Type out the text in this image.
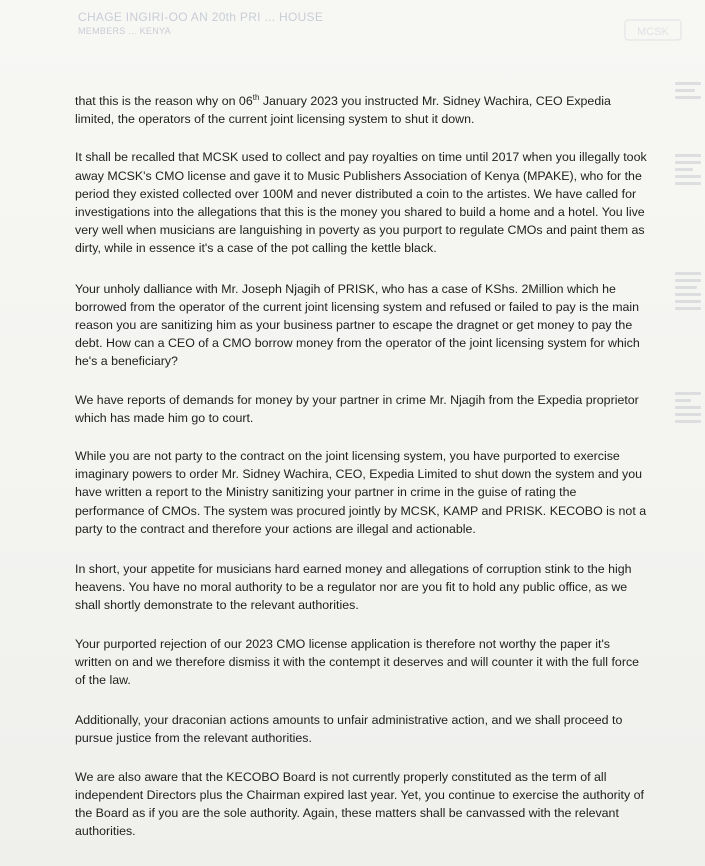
CHAGE INGIRI-OO AN 20th PRI ... HOUSE
MEMBERS ... KENYA	MCSK

that this is the reason why on 06th January 2023 you instructed Mr. Sidney Wachira, CEO Expedia limited, the operators of the current joint licensing system to shut it down.

It shall be recalled that MCSK used to collect and pay royalties on time until 2017 when you illegally took away MCSK's CMO license and gave it to Music Publishers Association of Kenya (MPAKE), who for the period they existed collected over 100M and never distributed a coin to the artistes. We have called for investigations into the allegations that this is the money you shared to build a home and a hotel. You live very well when musicians are languishing in poverty as you purport to regulate CMOs and paint them as dirty, while in essence it's a case of the pot calling the kettle black.

Your unholy dalliance with Mr. Joseph Njagih of PRISK, who has a case of KShs. 2Million which he borrowed from the operator of the current joint licensing system and refused or failed to pay is the main reason you are sanitizing him as your business partner to escape the dragnet or get money to pay the debt. How can a CEO of a CMO borrow money from the operator of the joint licensing system for which he's a beneficiary?

We have reports of demands for money by your partner in crime Mr. Njagih from the Expedia proprietor which has made him go to court.

While you are not party to the contract on the joint licensing system, you have purported to exercise imaginary powers to order Mr. Sidney Wachira, CEO, Expedia Limited to shut down the system and you have written a report to the Ministry sanitizing your partner in crime in the guise of rating the performance of CMOs. The system was procured jointly by MCSK, KAMP and PRISK. KECOBO is not a party to the contract and therefore your actions are illegal and actionable.

In short, your appetite for musicians hard earned money and allegations of corruption stink to the high heavens. You have no moral authority to be a regulator nor are you fit to hold any public office, as we shall shortly demonstrate to the relevant authorities.

Your purported rejection of our 2023 CMO license application is therefore not worthy the paper it's written on and we therefore dismiss it with the contempt it deserves and will counter it with the full force of the law.

Additionally, your draconian actions amounts to unfair administrative action, and we shall proceed to pursue justice from the relevant authorities.

We are also aware that the KECOBO Board is not currently properly constituted as the term of all independent Directors plus the Chairman expired last year. Yet, you continue to exercise the authority of the Board as if you are the sole authority. Again, these matters shall be canvassed with the relevant authorities.
